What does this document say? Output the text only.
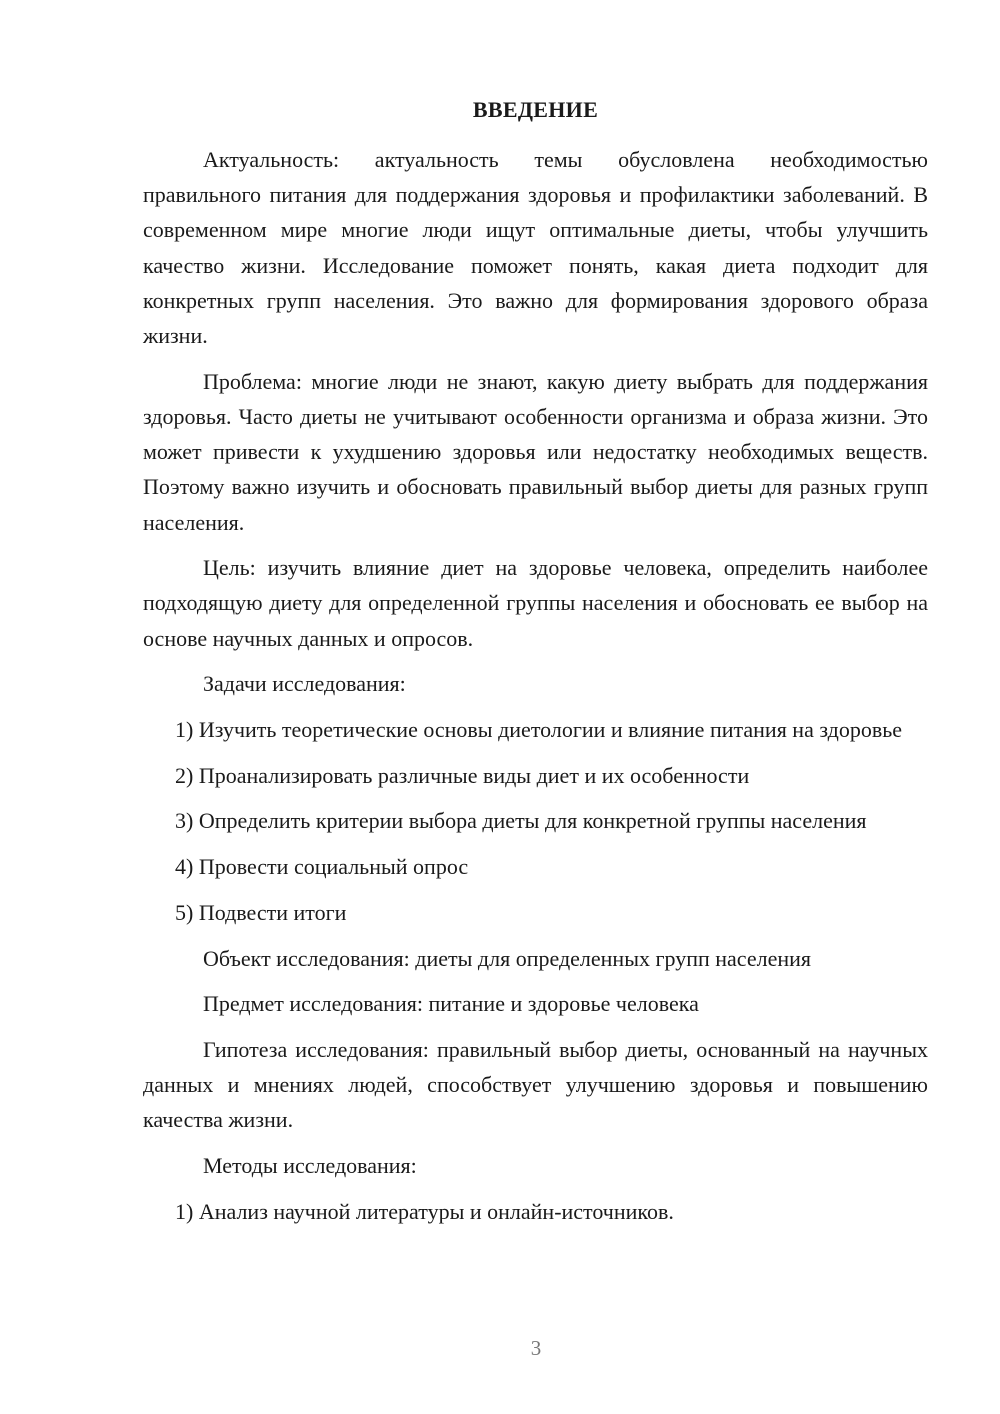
ВВЕДЕНИЕ

Актуальность: актуальность темы обусловлена необходимостью правильного питания для поддержания здоровья и профилактики заболеваний. В современном мире многие люди ищут оптимальные диеты, чтобы улучшить качество жизни. Исследование поможет понять, какая диета подходит для конкретных групп населения. Это важно для формирования здорового образа жизни.

Проблема: многие люди не знают, какую диету выбрать для поддержания здоровья. Часто диеты не учитывают особенности организма и образа жизни. Это может привести к ухудшению здоровья или недостатку необходимых веществ. Поэтому важно изучить и обосновать правильный выбор диеты для разных групп населения.

Цель: изучить влияние диет на здоровье человека, определить наиболее подходящую диету для определенной группы населения и обосновать ее выбор на основе научных данных и опросов.

Задачи исследования:

1) Изучить теоретические основы диетологии и влияние питания на здоровье

2) Проанализировать различные виды диет и их особенности

3) Определить критерии выбора диеты для конкретной группы населения

4) Провести социальный опрос

5) Подвести итоги

Объект исследования: диеты для определенных групп населения

Предмет исследования: питание и здоровье человека

Гипотеза исследования: правильный выбор диеты, основанный на научных данных и мнениях людей, способствует улучшению здоровья и повышению качества жизни.

Методы исследования:

1) Анализ научной литературы и онлайн-источников.

3
